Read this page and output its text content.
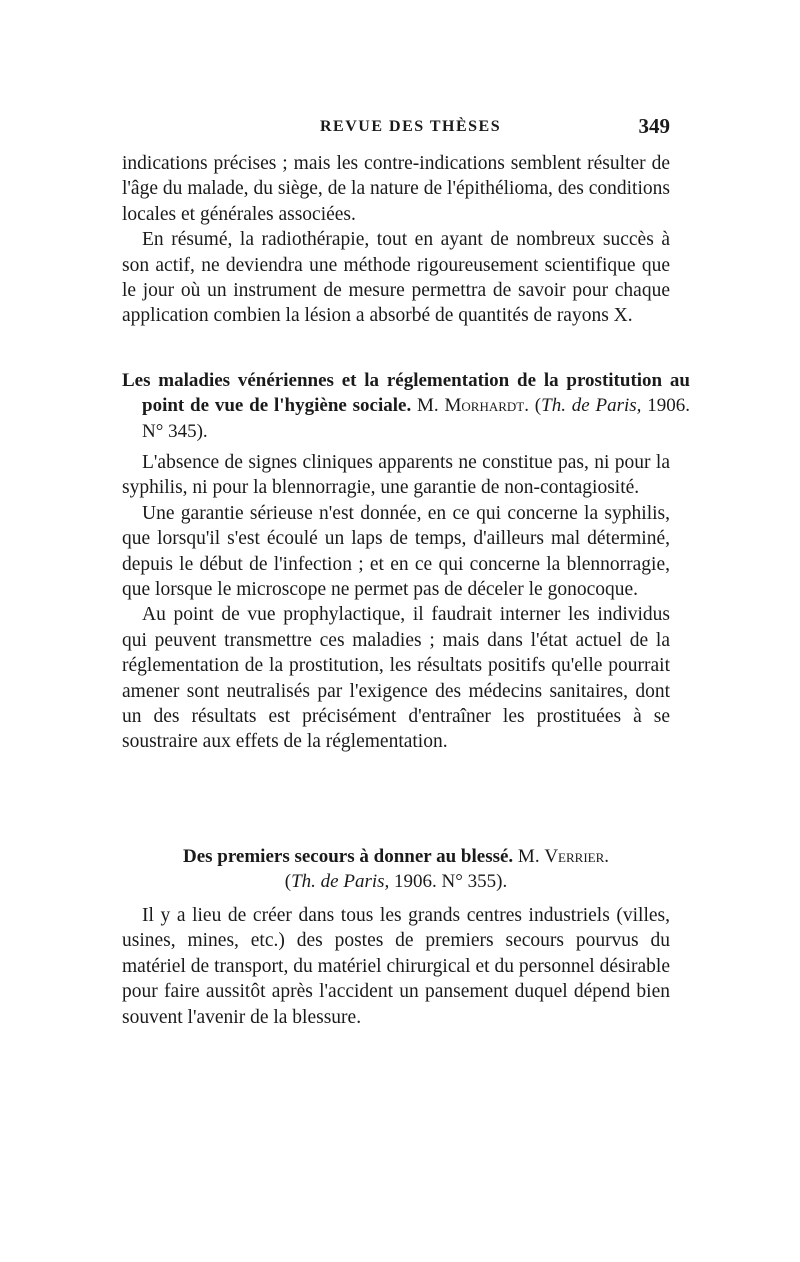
REVUE DES THÈSES	349

indications précises ; mais les contre-indications semblent résulter de l'âge du malade, du siège, de la nature de l'épithélioma, des conditions locales et générales associées.

En résumé, la radiothérapie, tout en ayant de nombreux succès à son actif, ne deviendra une méthode rigoureusement scientifique que le jour où un instrument de mesure permettra de savoir pour chaque application combien la lésion a absorbé de quantités de rayons X.

Les maladies vénériennes et la réglementation de la prostitution au point de vue de l'hygiène sociale. M. Morhardt. (Th. de Paris, 1906. N° 345).

L'absence de signes cliniques apparents ne constitue pas, ni pour la syphilis, ni pour la blennorragie, une garantie de non-contagiosité.

Une garantie sérieuse n'est donnée, en ce qui concerne la syphilis, que lorsqu'il s'est écoulé un laps de temps, d'ailleurs mal déterminé, depuis le début de l'infection ; et en ce qui concerne la blennorragie, que lorsque le microscope ne permet pas de déceler le gonocoque.

Au point de vue prophylactique, il faudrait interner les individus qui peuvent transmettre ces maladies ; mais dans l'état actuel de la réglementation de la prostitution, les résultats positifs qu'elle pourrait amener sont neutralisés par l'exigence des médecins sanitaires, dont un des résultats est précisément d'entraîner les prostituées à se soustraire aux effets de la réglementation.

Des premiers secours à donner au blessé. M. Verrier.
(Th. de Paris, 1906. N° 355).

Il y a lieu de créer dans tous les grands centres industriels (villes, usines, mines, etc.) des postes de premiers secours pourvus du matériel de transport, du matériel chirurgical et du personnel désirable pour faire aussitôt après l'accident un pansement duquel dépend bien souvent l'avenir de la blessure.
